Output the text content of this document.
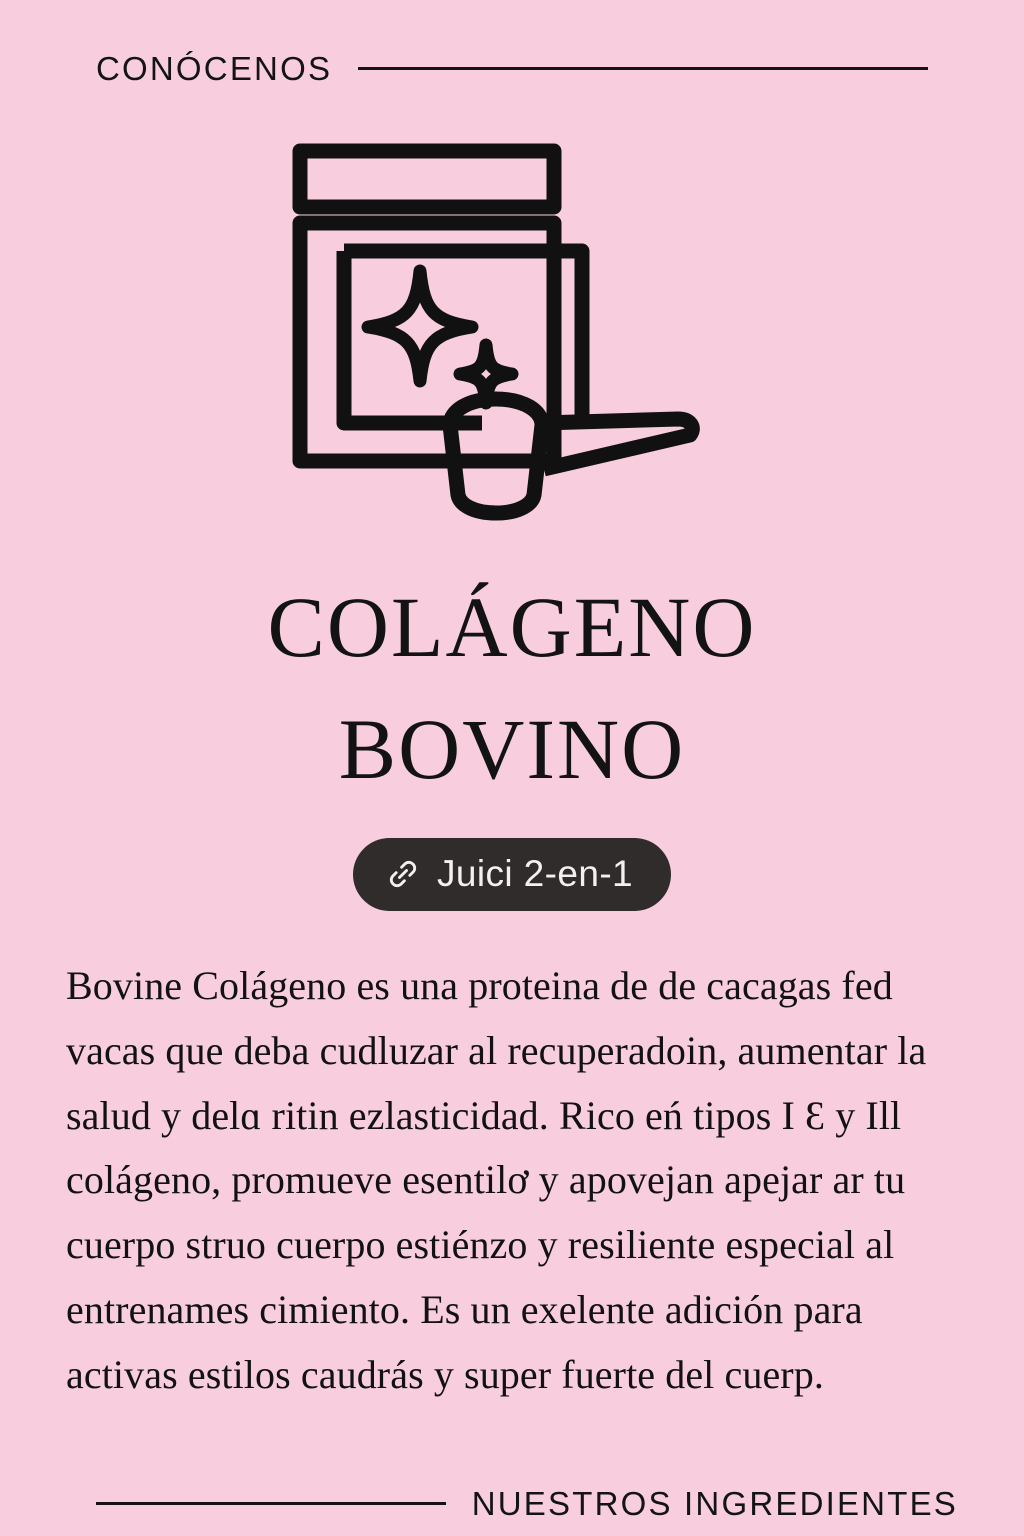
CONÓCENOS
COLÁGENO
BOVINO
Juici 2-en-1
Bovine Colágeno es una proteina de de cacagas fed vacas que deba cudluzar al recuperadoin, aumentar la salud y delɑ ritin ezlasticidad. Rico eń tipos I Ɛ y Ill colágeno, promueve esentilơ y apovejan apejar ar tu cuerpo struo cuerpo estiénzo y resiliente especial al entrenames cimiento. Es un exelente adición para activas estilos caudrás y super fuerte del cuerp.
NUESTROS INGREDIENTES
